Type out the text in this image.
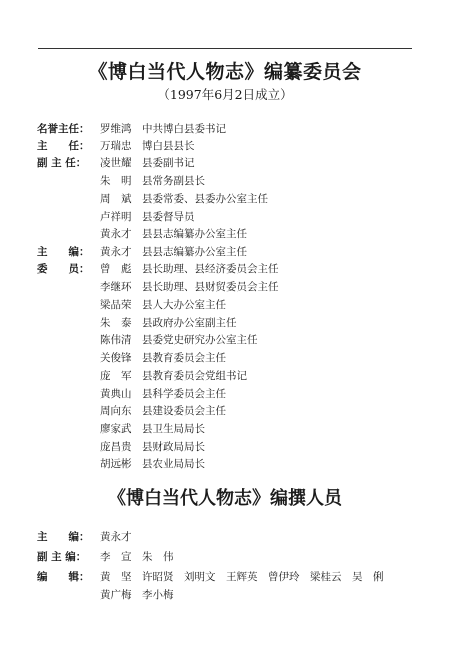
《博白当代人物志》编纂委员会
（1997年6月2日成立）
名誉主任： 罗维鸿 中共博白县委书记
主　　任： 万瑞忠 博白县县长
副 主 任： 凌世耀 县委副书记
朱　明 县常务副县长
周　斌 县委常委、县委办公室主任
卢祥明 县委督导员
黄永才 县县志编纂办公室主任
主　　编： 黄永才 县县志编纂办公室主任
委　　员： 曾　彪 县长助理、县经济委员会主任
李继环 县长助理、县财贸委员会主任
梁品荣 县人大办公室主任
朱　泰 县政府办公室副主任
陈伟清 县委党史研究办公室主任
关俊锋 县教育委员会主任
庞　军 县教育委员会党组书记
黄典山 县科学委员会主任
周向东 县建设委员会主任
廖家武 县卫生局局长
庞昌贵 县财政局局长
胡远彬 县农业局局长
《博白当代人物志》编撰人员
主　　编： 黄永才
副 主 编： 李　宣　朱　伟
编　　辑： 黄　坚　许昭贤　刘明文　王辉英　曾伊玲　梁桂云　吴　俐
黄广梅　李小梅
